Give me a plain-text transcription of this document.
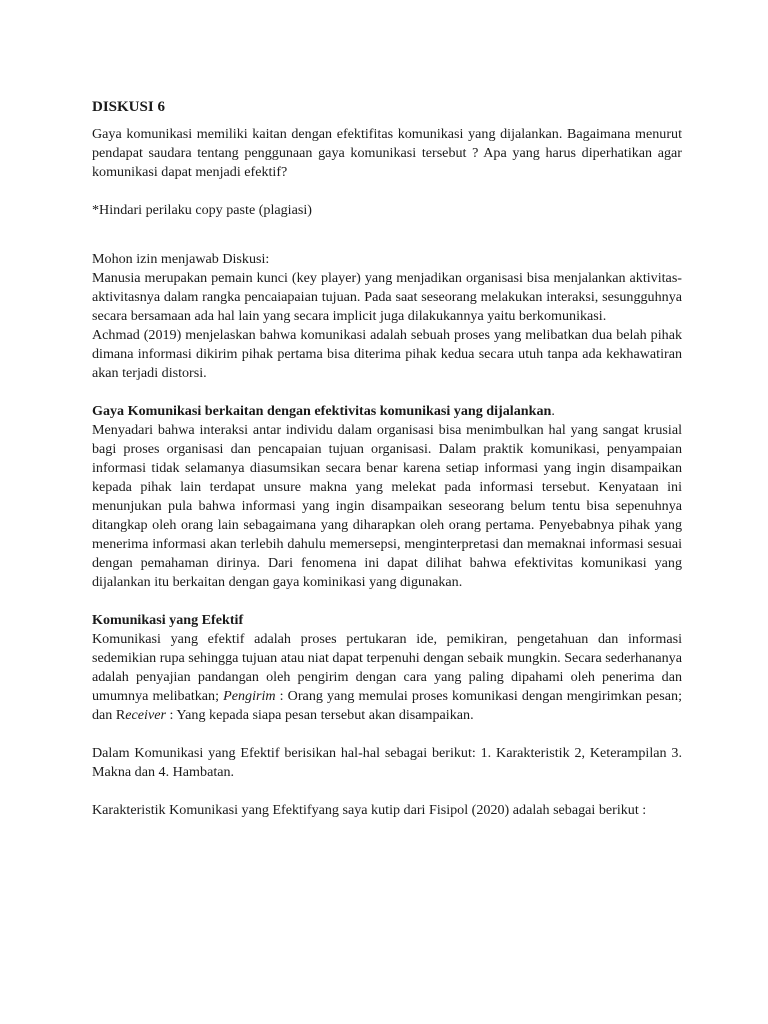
DISKUSI 6

Gaya komunikasi memiliki kaitan dengan efektifitas komunikasi yang dijalankan. Bagaimana menurut pendapat saudara tentang penggunaan gaya komunikasi tersebut ? Apa yang harus diperhatikan agar komunikasi dapat menjadi efektif?

*Hindari perilaku copy paste (plagiasi)

Mohon izin menjawab Diskusi:

Manusia merupakan pemain kunci (key player) yang menjadikan organisasi bisa menjalankan aktivitas-aktivitasnya dalam rangka pencaiapaian tujuan. Pada saat seseorang melakukan interaksi, sesungguhnya secara bersamaan ada hal lain yang secara implicit juga dilakukannya yaitu berkomunikasi.

Achmad (2019) menjelaskan bahwa komunikasi adalah sebuah proses yang melibatkan dua belah pihak dimana informasi dikirim pihak pertama bisa diterima pihak kedua secara utuh tanpa ada kekhawatiran akan terjadi distorsi.

Gaya Komunikasi berkaitan dengan efektivitas komunikasi yang dijalankan.

Menyadari bahwa interaksi antar individu dalam organisasi bisa menimbulkan hal yang sangat krusial bagi proses organisasi dan pencapaian tujuan organisasi. Dalam praktik komunikasi, penyampaian informasi tidak selamanya diasumsikan secara benar karena setiap informasi yang ingin disampaikan kepada pihak lain terdapat unsure makna yang melekat pada informasi tersebut. Kenyataan ini menunjukan pula bahwa informasi yang ingin disampaikan seseorang belum tentu bisa sepenuhnya ditangkap oleh orang lain sebagaimana yang diharapkan oleh orang pertama. Penyebabnya pihak yang menerima informasi akan terlebih dahulu memersepsi, menginterpretasi dan memaknai informasi sesuai dengan pemahaman dirinya. Dari fenomena ini dapat dilihat bahwa efektivitas komunikasi yang dijalankan itu berkaitan dengan gaya kominikasi yang digunakan.

Komunikasi yang Efektif

Komunikasi yang efektif adalah proses pertukaran ide, pemikiran, pengetahuan dan informasi sedemikian rupa sehingga tujuan atau niat dapat terpenuhi dengan sebaik mungkin. Secara sederhananya adalah penyajian pandangan oleh pengirim dengan cara yang paling dipahami oleh penerima dan umumnya melibatkan; Pengirim : Orang yang memulai proses komunikasi dengan mengirimkan pesan; dan Receiver : Yang kepada siapa pesan tersebut akan disampaikan.

Dalam Komunikasi yang Efektif berisikan hal-hal sebagai berikut: 1. Karakteristik 2, Keterampilan 3. Makna dan 4. Hambatan.

Karakteristik Komunikasi yang Efektifyang saya kutip dari Fisipol (2020) adalah sebagai berikut :
